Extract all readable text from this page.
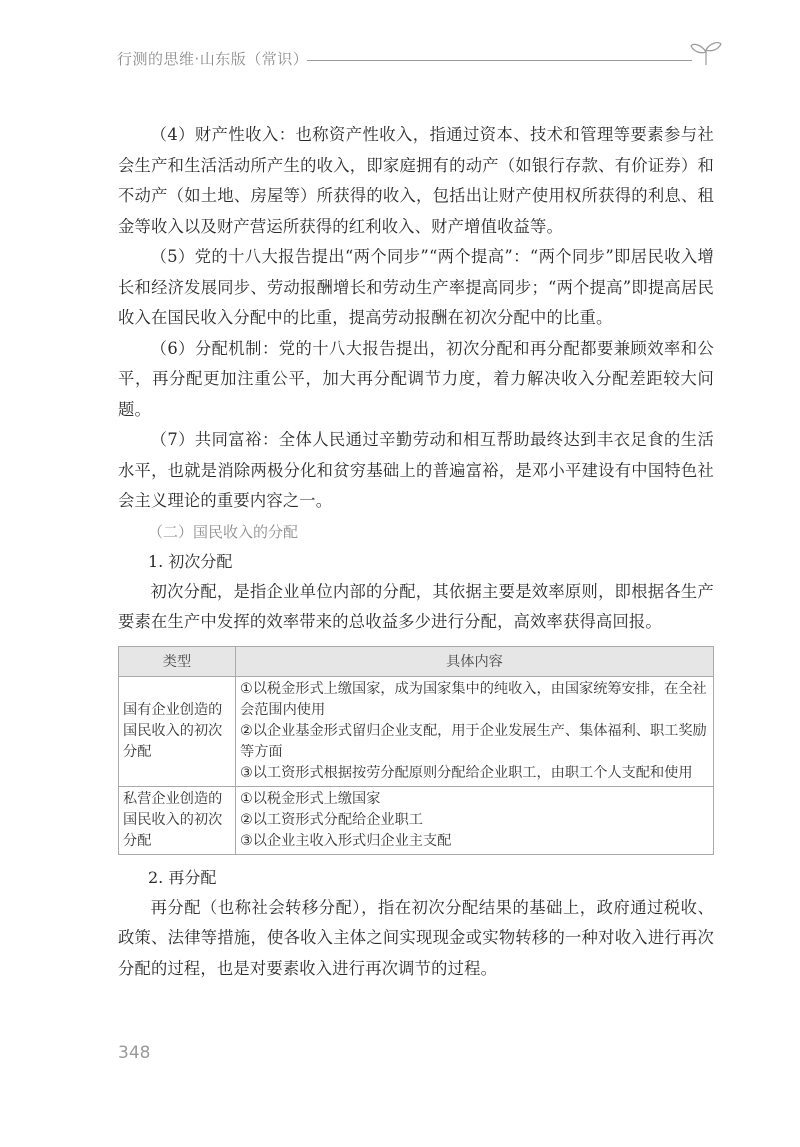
行测的思维·山东版（常识）

（4）财产性收入：也称资产性收入，指通过资本、技术和管理等要素参与社会生产和生活活动所产生的收入，即家庭拥有的动产（如银行存款、有价证券）和不动产（如土地、房屋等）所获得的收入，包括出让财产使用权所获得的利息、租金等收入以及财产营运所获得的红利收入、财产增值收益等。

（5）党的十八大报告提出“两个同步”“两个提高”：“两个同步”即居民收入增长和经济发展同步、劳动报酬增长和劳动生产率提高同步；“两个提高”即提高居民收入在国民收入分配中的比重，提高劳动报酬在初次分配中的比重。

（6）分配机制：党的十八大报告提出，初次分配和再分配都要兼顾效率和公平，再分配更加注重公平，加大再分配调节力度，着力解决收入分配差距较大问题。

（7）共同富裕：全体人民通过辛勤劳动和相互帮助最终达到丰衣足食的生活水平，也就是消除两极分化和贫穷基础上的普遍富裕，是邓小平建设有中国特色社会主义理论的重要内容之一。

（二）国民收入的分配
1. 初次分配

初次分配，是指企业单位内部的分配，其依据主要是效率原则，即根据各生产要素在生产中发挥的效率带来的总收益多少进行分配，高效率获得高回报。

类型	具体内容
国有企业创造的国民收入的初次分配	①以税金形式上缴国家，成为国家集中的纯收入，由国家统筹安排，在全社会范围内使用
②以企业基金形式留归企业支配，用于企业发展生产、集体福利、职工奖励等方面
③以工资形式根据按劳分配原则分配给企业职工，由职工个人支配和使用

私营企业创造的国民收入的初次分配	①以税金形式上缴国家
②以工资形式分配给企业职工
③以企业主收入形式归企业主支配
2. 再分配

再分配（也称社会转移分配），指在初次分配结果的基础上，政府通过税收、政策、法律等措施，使各收入主体之间实现现金或实物转移的一种对收入进行再次分配的过程，也是对要素收入进行再次调节的过程。

348
